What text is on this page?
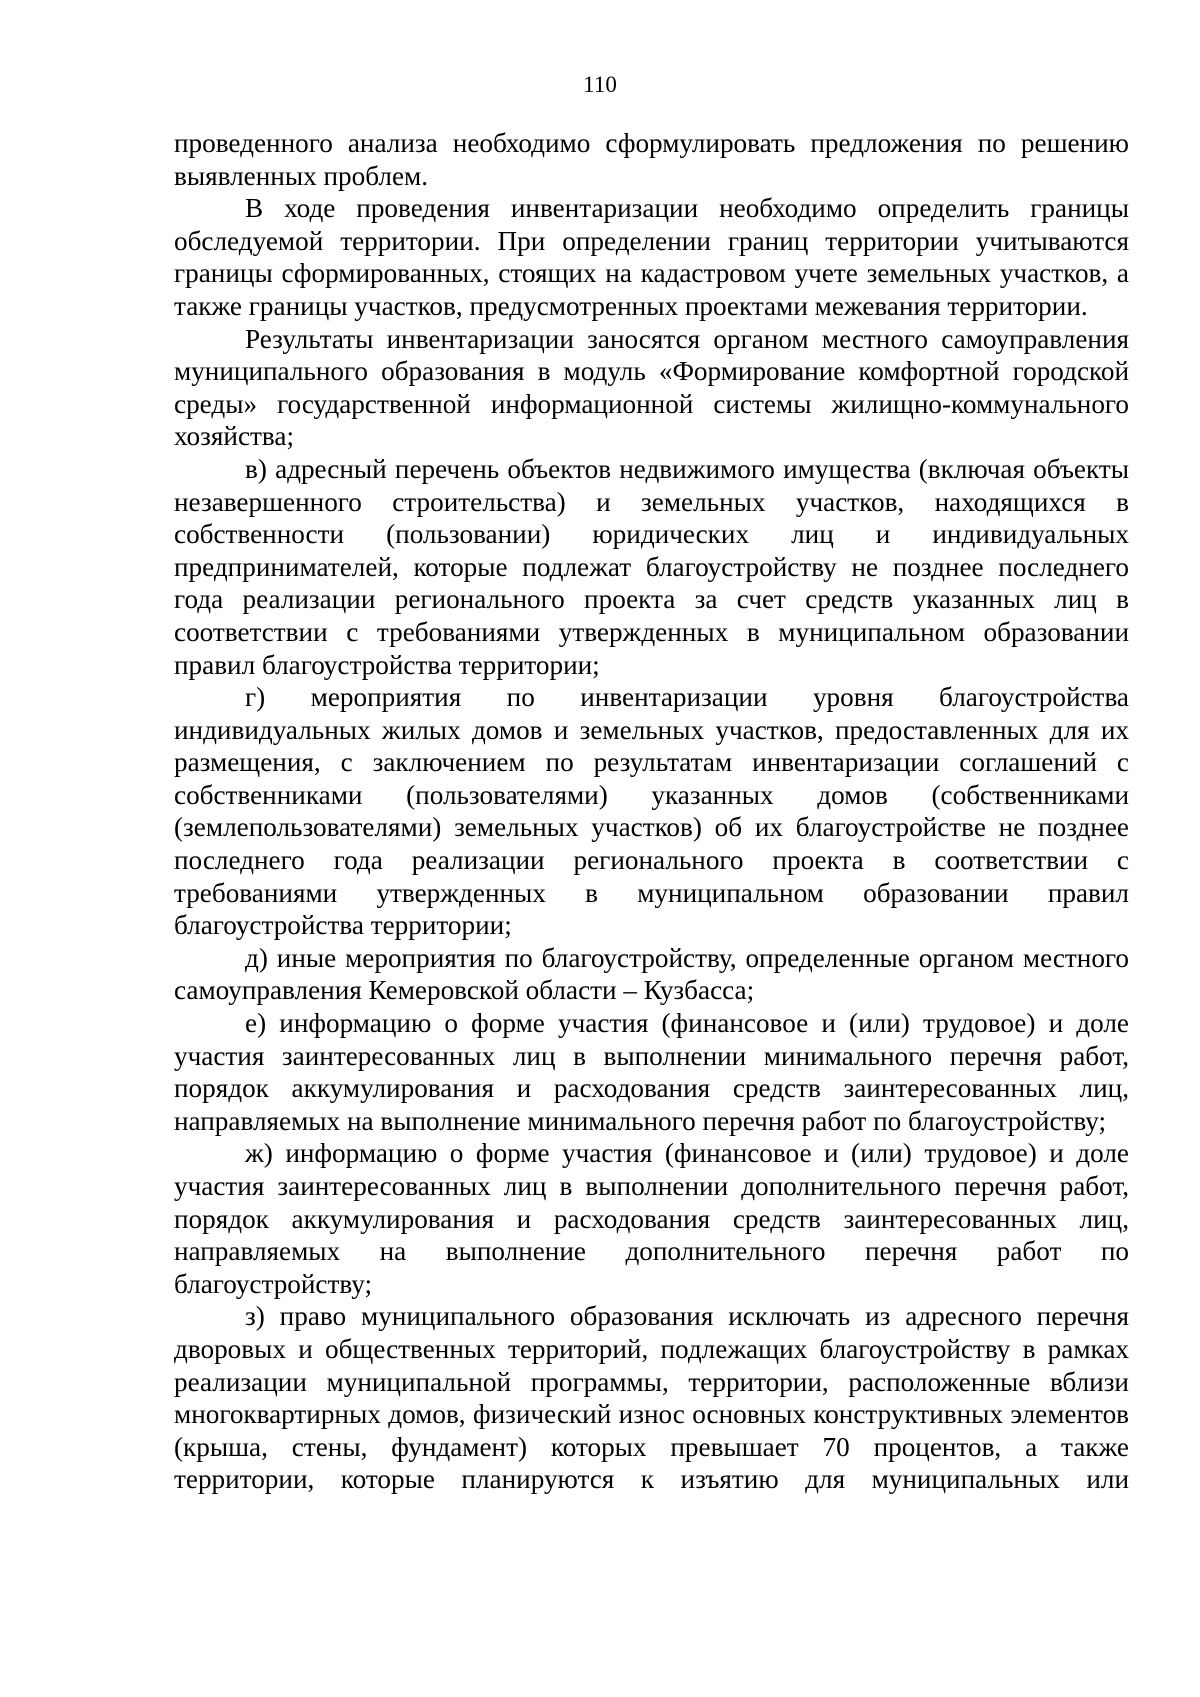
110

проведенного анализа необходимо сформулировать предложения по решению выявленных проблем.

В ходе проведения инвентаризации необходимо определить границы обследуемой территории. При определении границ территории учитываются границы сформированных, стоящих на кадастровом учете земельных участков, а также границы участков, предусмотренных проектами межевания территории.

Результаты инвентаризации заносятся органом местного самоуправления муниципального образования в модуль «Формирование комфортной городской среды» государственной информационной системы жилищно-коммунального хозяйства;

в) адресный перечень объектов недвижимого имущества (включая объекты незавершенного строительства) и земельных участков, находящихся в собственности (пользовании) юридических лиц и индивидуальных предпринимателей, которые подлежат благоустройству не позднее последнего года реализации регионального проекта за счет средств указанных лиц в соответствии с требованиями утвержденных в муниципальном образовании правил благоустройства территории;

г) мероприятия по инвентаризации уровня благоустройства индивидуальных жилых домов и земельных участков, предоставленных для их размещения, с заключением по результатам инвентаризации соглашений с собственниками (пользователями) указанных домов (собственниками (землепользователями) земельных участков) об их благоустройстве не позднее последнего года реализации регионального проекта в соответствии с требованиями утвержденных в муниципальном образовании правил благоустройства территории;

д) иные мероприятия по благоустройству, определенные органом местного самоуправления Кемеровской области – Кузбасса;

е) информацию о форме участия (финансовое и (или) трудовое) и доле участия заинтересованных лиц в выполнении минимального перечня работ, порядок аккумулирования и расходования средств заинтересованных лиц, направляемых на выполнение минимального перечня работ по благоустройству;

ж) информацию о форме участия (финансовое и (или) трудовое) и доле участия заинтересованных лиц в выполнении дополнительного перечня работ, порядок аккумулирования и расходования средств заинтересованных лиц, направляемых на выполнение дополнительного перечня работ по благоустройству;

з) право муниципального образования исключать из адресного перечня дворовых и общественных территорий, подлежащих благоустройству в рамках реализации муниципальной программы, территории, расположенные вблизи многоквартирных домов, физический износ основных конструктивных элементов (крыша, стены, фундамент) которых превышает 70 процентов, а также территории, которые планируются к изъятию для муниципальных или
